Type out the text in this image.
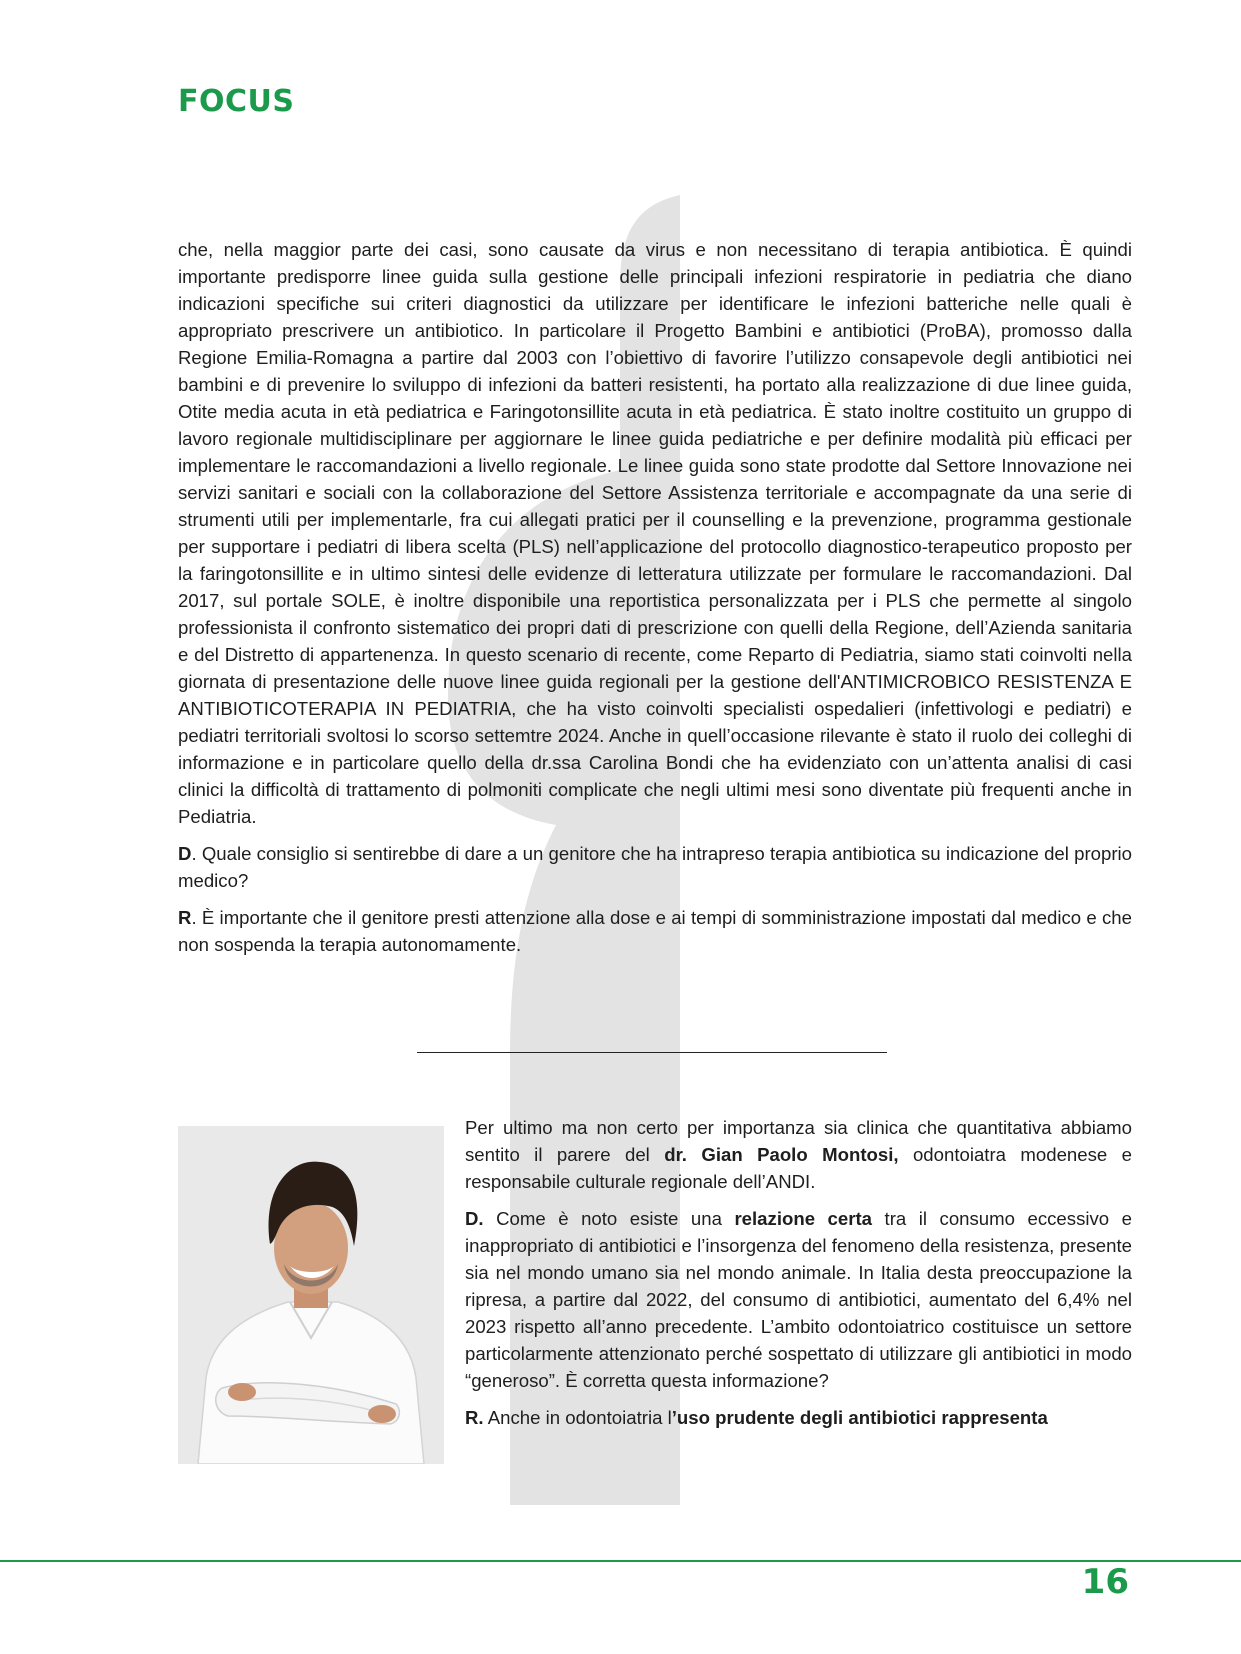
FOCUS

che, nella maggior parte dei casi, sono causate da virus e non necessitano di terapia antibiotica. È quindi importante predisporre linee guida sulla gestione delle principali infezioni respiratorie in pediatria che diano indicazioni specifiche sui criteri diagnostici da utilizzare per identificare le infezioni batteriche nelle quali è appropriato prescrivere un antibiotico. In particolare il Progetto Bambini e antibiotici (ProBA), promosso dalla Regione Emilia-Romagna a partire dal 2003 con l’obiettivo di favorire l’utilizzo consapevole degli antibiotici nei bambini e di prevenire lo sviluppo di infezioni da batteri resistenti, ha portato alla realizzazione di due linee guida, Otite media acuta in età pediatrica e Faringotonsillite acuta in età pediatrica. È stato inoltre costituito un gruppo di lavoro regionale multidisciplinare per aggiornare le linee guida pediatriche e per definire modalità più efficaci per implementare le raccomandazioni a livello regionale. Le linee guida sono state prodotte dal Settore Innovazione nei servizi sanitari e sociali con la collaborazione del Settore Assistenza territoriale e accompagnate da una serie di strumenti utili per implementarle, fra cui allegati pratici per il counselling e la prevenzione, programma gestionale per supportare i pediatri di libera scelta (PLS) nell’applicazione del protocollo diagnostico-terapeutico proposto per la faringotonsillite e in ultimo sintesi delle evidenze di letteratura utilizzate per formulare le raccomandazioni. Dal 2017, sul portale SOLE, è inoltre disponibile una reportistica personalizzata per i PLS che permette al singolo professionista il confronto sistematico dei propri dati di prescrizione con quelli della Regione, dell’Azienda sanitaria e del Distretto di appartenenza. In questo scenario di recente, come Reparto di Pediatria, siamo stati coinvolti nella giornata di presentazione delle nuove linee guida regionali per la gestione dell'ANTIMICROBICO RESISTENZA E ANTIBIOTICOTERAPIA IN PEDIATRIA, che ha visto coinvolti specialisti ospedalieri (infettivologi e pediatri) e pediatri territoriali svoltosi lo scorso settemtre 2024. Anche in quell’occasione rilevante è stato il ruolo dei colleghi di informazione e in particolare quello della dr.ssa Carolina Bondi che ha evidenziato con un’attenta analisi di casi clinici la difficoltà di trattamento di polmoniti complicate che negli ultimi mesi sono diventate più frequenti anche in Pediatria.

D. Quale consiglio si sentirebbe di dare a un genitore che ha intrapreso terapia antibiotica su indicazione del proprio medico?

R. È importante che il genitore presti attenzione alla dose e ai tempi di somministrazione impostati dal medico e che non sospenda la terapia autonomamente.

Per ultimo ma non certo per importanza sia clinica che quantitativa abbiamo sentito il parere del dr. Gian Paolo Montosi, odontoiatra modenese e responsabile culturale regionale dell’ANDI.

D. Come è noto esiste una relazione certa tra il consumo eccessivo e inappropriato di antibiotici e l’insorgenza del fenomeno della resistenza, presente sia nel mondo umano sia nel mondo animale. In Italia desta preoccupazione la ripresa, a partire dal 2022, del consumo di antibiotici, aumentato del 6,4% nel 2023 rispetto all’anno precedente. L’ambito odontoiatrico costituisce un settore particolarmente attenzionato perché sospettato di utilizzare gli antibiotici in modo “generoso”. È corretta questa informazione?

R. Anche in odontoiatria l’uso prudente degli antibiotici rappresenta

16
